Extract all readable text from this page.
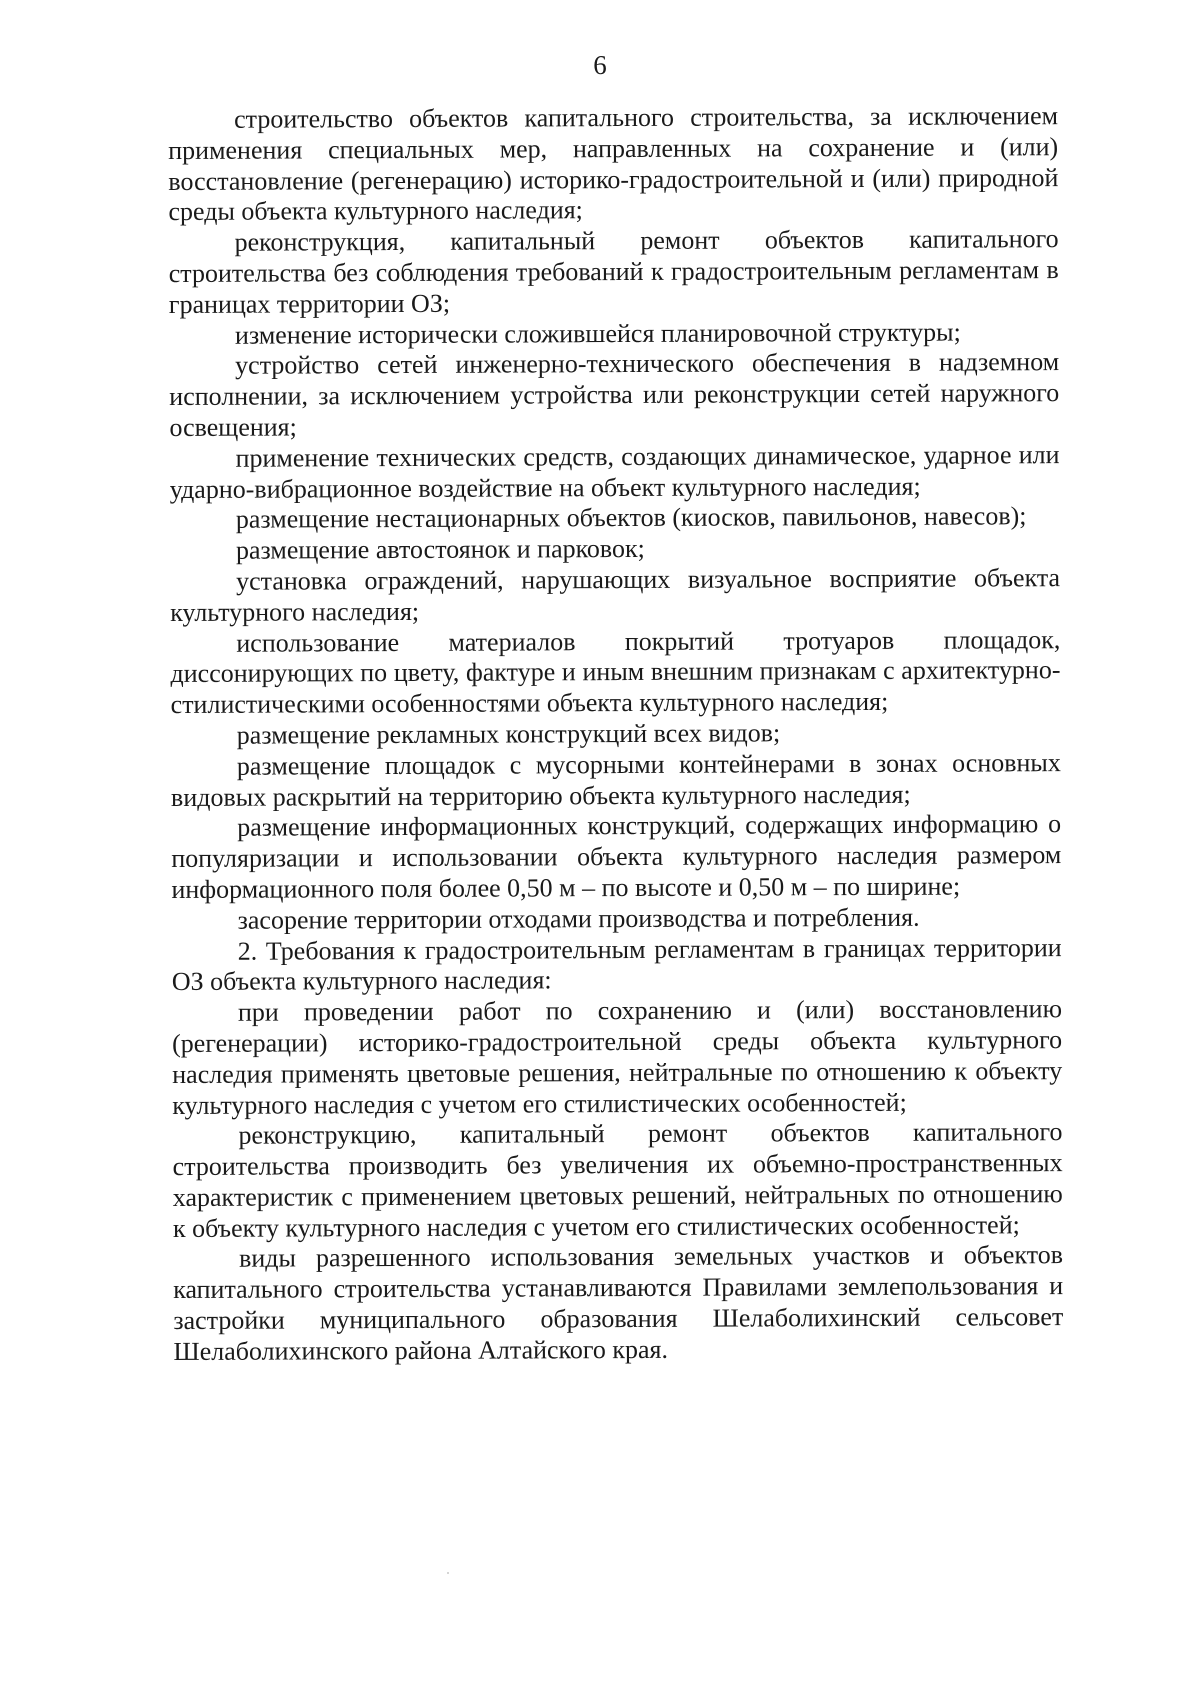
6

строительство объектов капитального строительства, за исключением применения специальных мер, направленных на сохранение и (или) восстановление (регенерацию) историко-градостроительной и (или) природной среды объекта культурного наследия;

реконструкция, капитальный ремонт объектов капитального строительства без соблюдения требований к градостроительным регламентам в границах территории ОЗ;

изменение исторически сложившейся планировочной структуры;

устройство сетей инженерно-технического обеспечения в надземном исполнении, за исключением устройства или реконструкции сетей наружного освещения;

применение технических средств, создающих динамическое, ударное или ударно-вибрационное воздействие на объект культурного наследия;

размещение нестационарных объектов (киосков, павильонов, навесов);

размещение автостоянок и парковок;

установка ограждений, нарушающих визуальное восприятие объекта культурного наследия;

использование материалов покрытий тротуаров площадок, диссонирующих по цвету, фактуре и иным внешним признакам с архитектурно-стилистическими особенностями объекта культурного наследия;

размещение рекламных конструкций всех видов;

размещение площадок с мусорными контейнерами в зонах основных видовых раскрытий на территорию объекта культурного наследия;

размещение информационных конструкций, содержащих информацию о популяризации и использовании объекта культурного наследия размером информационного поля более 0,50 м – по высоте и 0,50 м – по ширине;

засорение территории отходами производства и потребления.

2. Требования к градостроительным регламентам в границах территории ОЗ объекта культурного наследия:

при проведении работ по сохранению и (или) восстановлению (регенерации) историко-градостроительной среды объекта культурного наследия применять цветовые решения, нейтральные по отношению к объекту культурного наследия с учетом его стилистических особенностей;

реконструкцию, капитальный ремонт объектов капитального строительства производить без увеличения их объемно-пространственных характеристик с применением цветовых решений, нейтральных по отношению к объекту культурного наследия с учетом его стилистических особенностей;

виды разрешенного использования земельных участков и объектов капитального строительства устанавливаются Правилами землепользования и застройки муниципального образования Шелаболихинский сельсовет Шелаболихинского района Алтайского края.
